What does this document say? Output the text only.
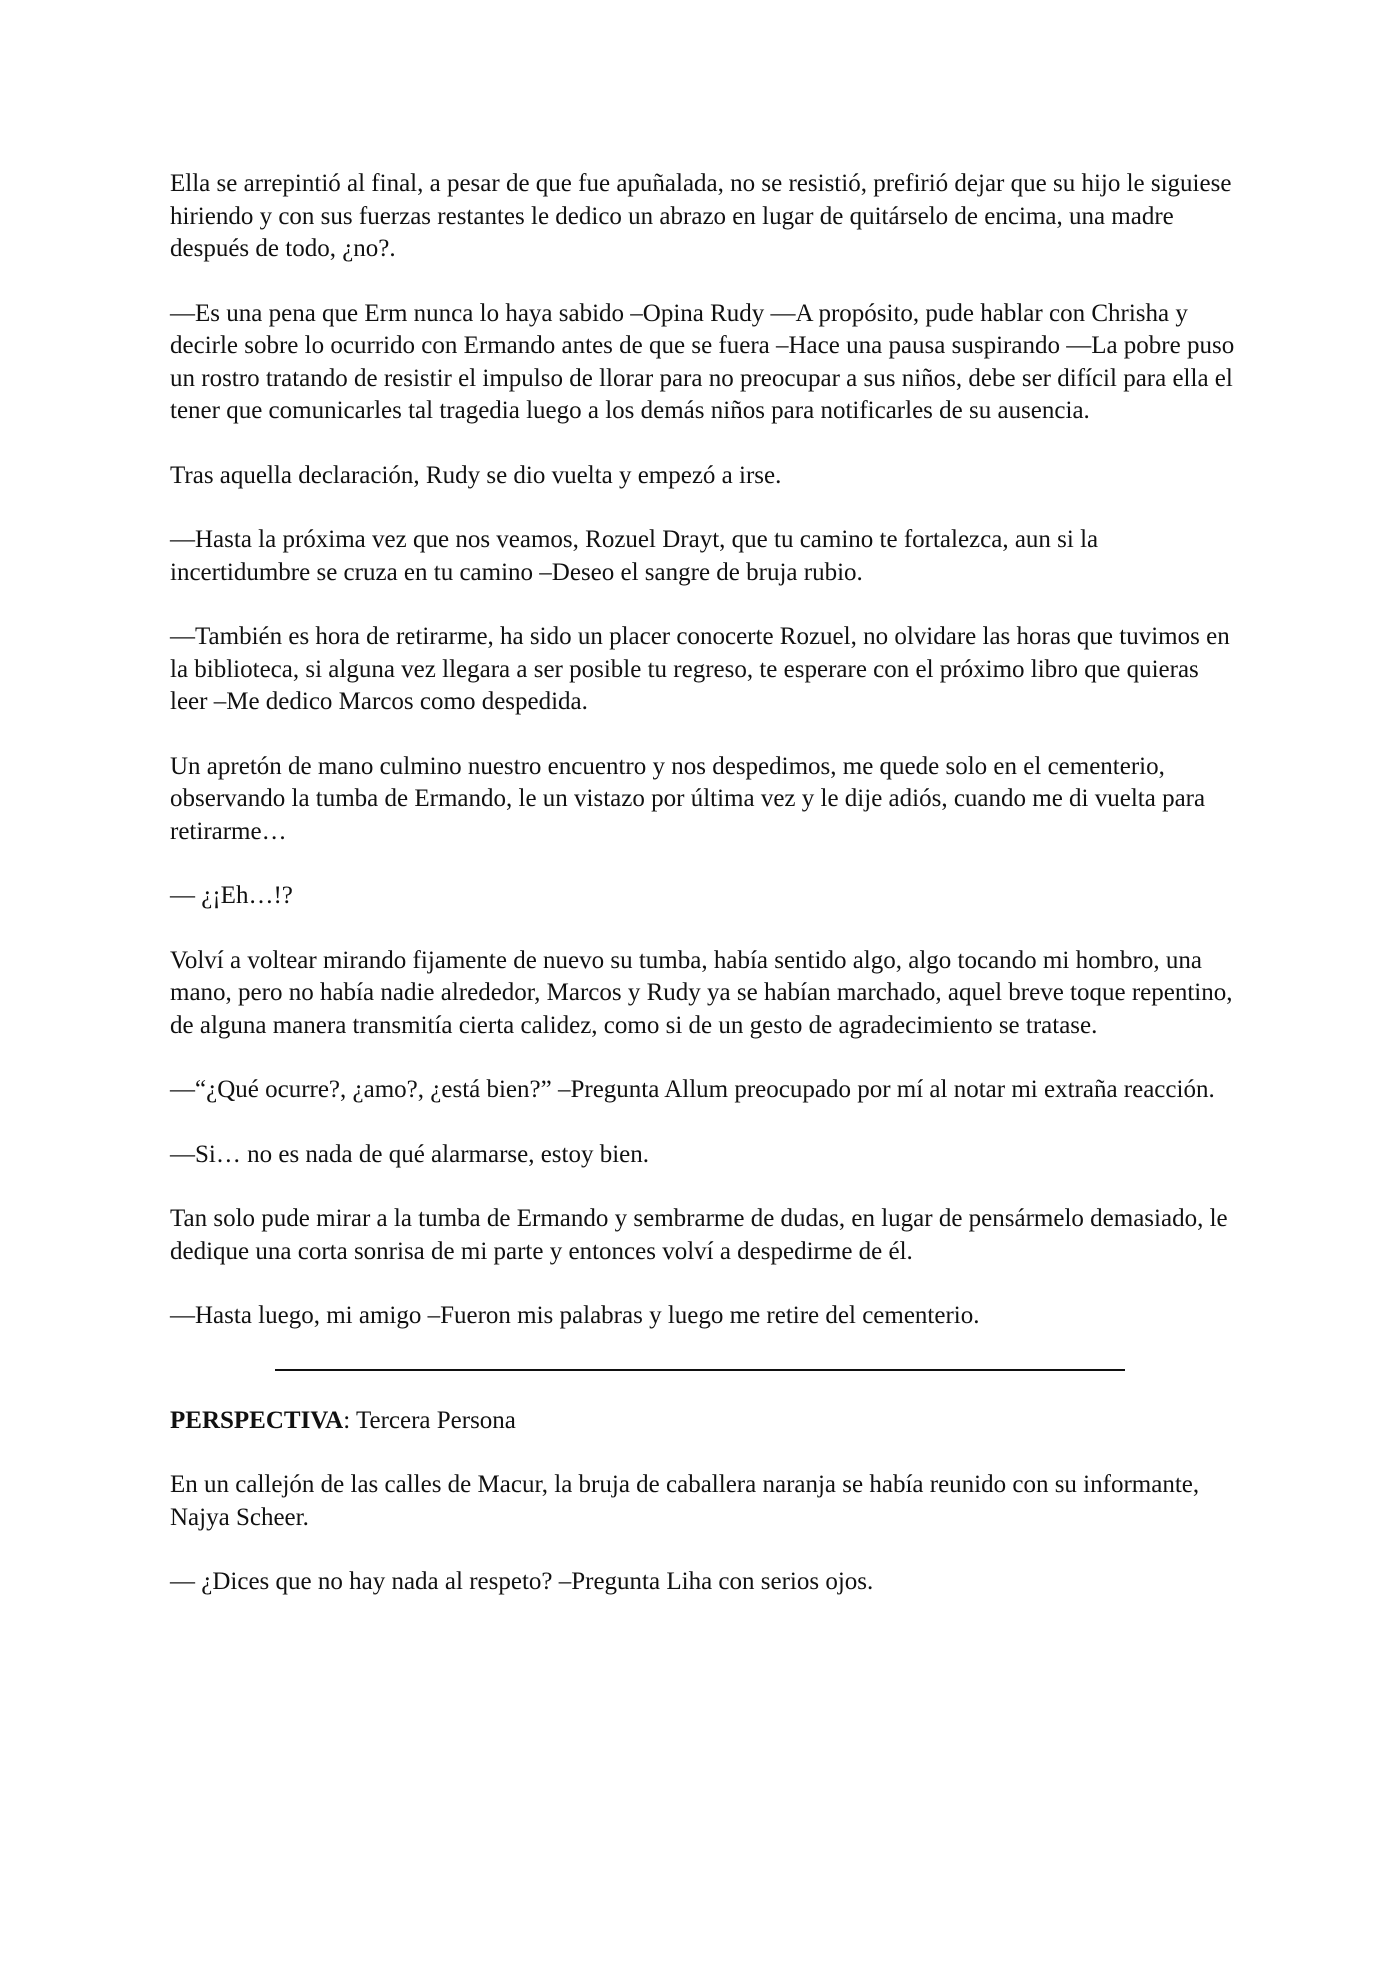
Ella se arrepintió al final, a pesar de que fue apuñalada, no se resistió, prefirió dejar que su hijo le siguiese hiriendo y con sus fuerzas restantes le dedico un abrazo en lugar de quitárselo de encima, una madre después de todo, ¿no?.

—Es una pena que Erm nunca lo haya sabido –Opina Rudy —A propósito, pude hablar con Chrisha y decirle sobre lo ocurrido con Ermando antes de que se fuera –Hace una pausa suspirando —La pobre puso un rostro tratando de resistir el impulso de llorar para no preocupar a sus niños, debe ser difícil para ella el tener que comunicarles tal tragedia luego a los demás niños para notificarles de su ausencia.

Tras aquella declaración, Rudy se dio vuelta y empezó a irse.

—Hasta la próxima vez que nos veamos, Rozuel Drayt, que tu camino te fortalezca, aun si la incertidumbre se cruza en tu camino –Deseo el sangre de bruja rubio.

—También es hora de retirarme, ha sido un placer conocerte Rozuel, no olvidare las horas que tuvimos en la biblioteca, si alguna vez llegara a ser posible tu regreso, te esperare con el próximo libro que quieras leer –Me dedico Marcos como despedida.

Un apretón de mano culmino nuestro encuentro y nos despedimos, me quede solo en el cementerio, observando la tumba de Ermando, le un vistazo por última vez y le dije adiós, cuando me di vuelta para retirarme…

— ¿¡Eh…!?

Volví a voltear mirando fijamente de nuevo su tumba, había sentido algo, algo tocando mi hombro, una mano, pero no había nadie alrededor, Marcos y Rudy ya se habían marchado, aquel breve toque repentino, de alguna manera transmitía cierta calidez, como si de un gesto de agradecimiento se tratase.

—“¿Qué ocurre?, ¿amo?, ¿está bien?” –Pregunta Allum preocupado por mí al notar mi extraña reacción.

—Si… no es nada de qué alarmarse, estoy bien.

Tan solo pude mirar a la tumba de Ermando y sembrarme de dudas, en lugar de pensármelo demasiado, le dedique una corta sonrisa de mi parte y entonces volví a despedirme de él.

—Hasta luego, mi amigo –Fueron mis palabras y luego me retire del cementerio.

PERSPECTIVA: Tercera Persona

En un callejón de las calles de Macur, la bruja de caballera naranja se había reunido con su informante, Najya Scheer.

— ¿Dices que no hay nada al respeto? –Pregunta Liha con serios ojos.
